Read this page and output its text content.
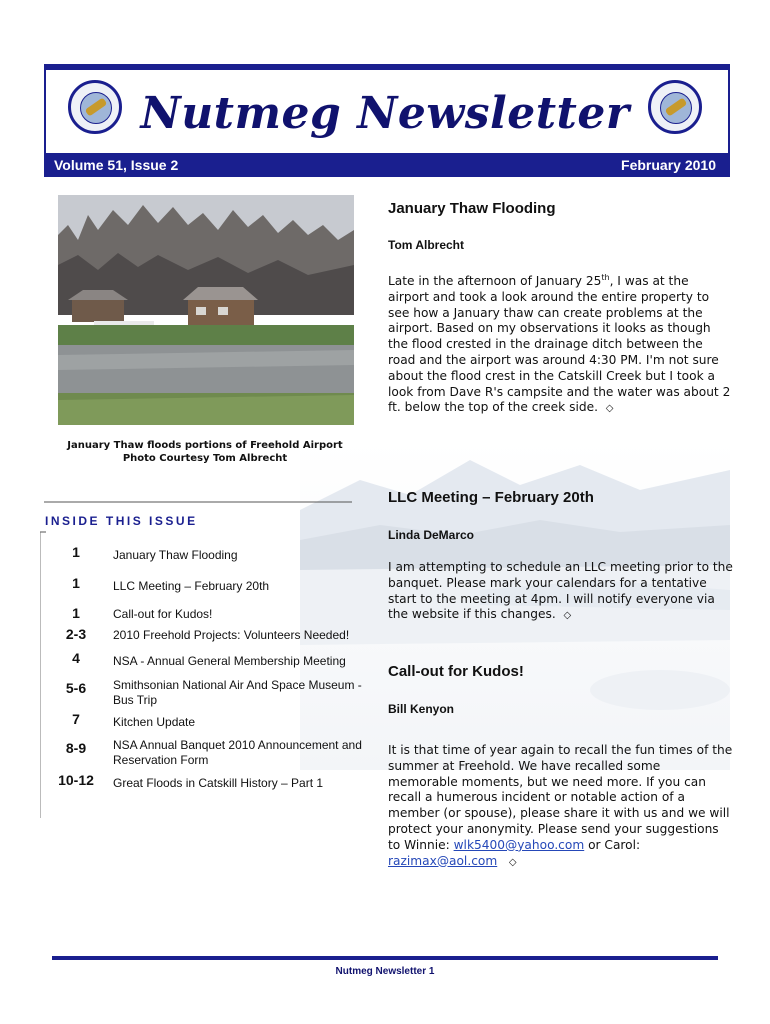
Nutmeg Newsletter
Volume 51, Issue 2	February 2010
January Thaw floods portions of Freehold Airport
Photo Courtesy Tom Albrecht
INSIDE THIS ISSUE
1	January Thaw Flooding
1	LLC Meeting – February 20th
1	Call-out for Kudos!
2-3	2010 Freehold Projects: Volunteers Needed!
4	NSA - Annual General Membership Meeting
5-6	Smithsonian National Air And Space Museum - Bus Trip
7	Kitchen Update
8-9	NSA Annual Banquet 2010 Announcement and Reservation Form
10-12	Great Floods in Catskill History – Part 1
January Thaw Flooding
Tom Albrecht
Late in the afternoon of January 25th, I was at the airport and took a look around the entire property to see how a January thaw can create problems at the airport. Based on my observations it looks as though the flood crested in the drainage ditch between the road and the airport was around 4:30 PM. I'm not sure about the flood crest in the Catskill Creek but I took a look from Dave R's campsite and the water was about 2 ft. below the top of the creek side. ◇
LLC Meeting – February 20th
Linda DeMarco
I am attempting to schedule an LLC meeting prior to the banquet. Please mark your calendars for a tentative start to the meeting at 4pm. I will notify everyone via the website if this changes. ◇
Call-out for Kudos!
Bill Kenyon
It is that time of year again to recall the fun times of the summer at Freehold. We have recalled some memorable moments, but we need more. If you can recall a humerous incident or notable action of a member (or spouse), please share it with us and we will protect your anonymity. Please send your suggestions to Winnie: wlk5400@yahoo.com or Carol: razimax@aol.com ◇
Nutmeg Newsletter 1
